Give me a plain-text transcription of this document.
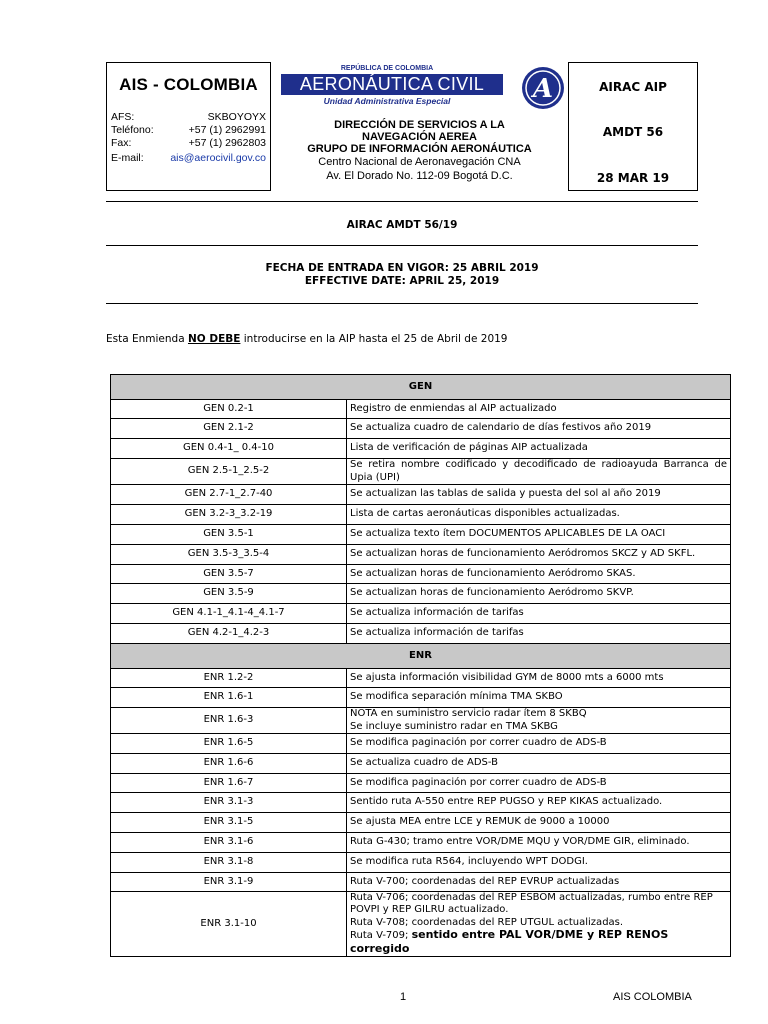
AIS - COLOMBIA
AFS:	SKBOYOYX
Teléfono:	+57 (1) 2962991
Fax:	+57 (1) 2962803
E-mail:	ais@aerocivil.gov.co
REPÚBLICA DE COLOMBIA
AERONÁUTICA CIVIL
Unidad Administrativa Especial	A
DIRECCIÓN DE SERVICIOS A LA
NAVEGACIÓN AEREA
GRUPO DE INFORMACIÓN AERONÁUTICA
Centro Nacional de Aeronavegación CNA
Av. El Dorado No. 112-09 Bogotá D.C.
AIRAC AIP
AMDT 56
28 MAR 19
AIRAC AMDT 56/19
FECHA DE ENTRADA EN VIGOR: 25 ABRIL 2019
EFFECTIVE DATE: APRIL 25, 2019
Esta Enmienda NO DEBE introducirse en la AIP hasta el 25 de Abril de 2019
GEN	
GEN 0.2-1	Registro de enmiendas al AIP actualizado

GEN 2.1-2	Se actualiza cuadro de calendario de días festivos año 2019

GEN 0.4-1_ 0.4-10	Lista de verificación de páginas AIP actualizada

GEN 2.5-1_2.5-2	Se retira nombre codificado y decodificado de radioayuda Barranca de Upia (UPI)

GEN 2.7-1_2.7-40	Se actualizan las tablas de salida y puesta del sol al año 2019

GEN 3.2-3_3.2-19	Lista de cartas aeronáuticas disponibles actualizadas.

GEN 3.5-1	Se actualiza texto ítem DOCUMENTOS APLICABLES DE LA OACI

GEN 3.5-3_3.5-4	Se actualizan horas de funcionamiento Aeródromos SKCZ y AD SKFL.

GEN 3.5-7	Se actualizan horas de funcionamiento Aeródromo SKAS.

GEN 3.5-9	Se actualizan horas de funcionamiento Aeródromo SKVP.

GEN 4.1-1_4.1-4_4.1-7	Se actualiza información de tarifas

GEN 4.2-1_4.2-3	Se actualiza información de tarifas

ENR	
ENR 1.2-2	Se ajusta información visibilidad GYM de 8000 mts a 6000 mts

ENR 1.6-1	Se modifica separación mínima TMA SKBO

ENR 1.6-3	NOTA en suministro servicio radar ítem 8 SKBQ
Se incluye suministro radar en TMA SKBG

ENR 1.6-5	Se modifica paginación por correr cuadro de ADS-B

ENR 1.6-6	Se actualiza cuadro de ADS-B

ENR 1.6-7	Se modifica paginación por correr cuadro de ADS-B

ENR 3.1-3	Sentido ruta A-550 entre REP PUGSO y REP KIKAS actualizado.

ENR 3.1-5	Se ajusta MEA entre LCE y REMUK de 9000 a 10000

ENR 3.1-6	Ruta G-430; tramo entre VOR/DME MQU y VOR/DME GIR, eliminado.

ENR 3.1-8	Se modifica ruta R564, incluyendo WPT DODGI.

ENR 3.1-9	Ruta V-700; coordenadas del REP EVRUP actualizadas

ENR 3.1-10	Ruta V-706; coordenadas del REP ESBOM actualizadas, rumbo entre REP POVPI y REP GILRU actualizado.
Ruta V-708; coordenadas del REP UTGUL actualizadas.
Ruta V-709; sentido entre PAL VOR/DME y REP RENOS corregido
1	AIS COLOMBIA
